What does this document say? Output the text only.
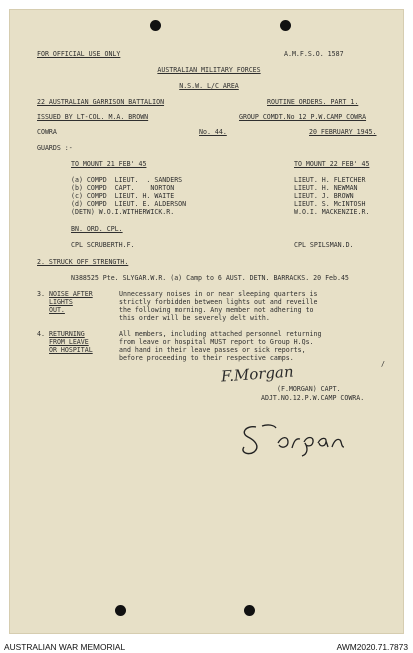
FOR OFFICIAL USE ONLY	A.M.F.S.O. 1587
AUSTRALIAN MILITARY FORCES
N.S.W. L/C AREA
22 AUSTRALIAN GARRISON BATTALION	ROUTINE ORDERS. PART 1.
ISSUED BY LT-COL. M.A. BROWN	GROUP COMDT.No 12 P.W.CAMP COWRA
COWRA	No. 44.	20 FEBRUARY 1945.
GUARDS :-
TO MOUNT 21 FEB' 45	TO MOUNT 22 FEB' 45
(a) COMPD  LIEUT.  . SANDERS	LIEUT. H. FLETCHER
(b) COMPD  CAPT.    NORTON	LIEUT. H. NEWMAN
(c) COMPD  LIEUT. H. WAITE	LIEUT. J. BROWN
(d) COMPD  LIEUT. E. ALDERSON	LIEUT. S. McINTOSH
(DETN) W.O.I.WITHERWICK.R.	W.O.I. MACKENZIE.R.
BN. ORD. CPL.
CPL SCRUBERTH.F.	CPL SPILSMAN.D.
2. STRUCK OFF STRENGTH.
N388525 Pte. SLYGAR.W.R. (a) Camp to 6 AUST. DETN. BARRACKS. 20 Feb.45
3. NOISE AFTER
LIGHTS
OUT.
Unnecessary noises in or near sleeping quarters is
strictly forbidden between lights out and reveille
the following morning. Any member not adhering to
this order will be severely delt with.
4. RETURNING
FROM LEAVE
OR HOSPITAL
All members, including attached personnel returning
from leave or hospital MUST report to Group H.Qs.
and hand in their leave passes or sick reports,
before proceeding to their respective camps.
/
F.Morgan
(F.MORGAN) CAPT.
ADJT.NO.12.P.W.CAMP COWRA.
AUSTRALIAN WAR MEMORIAL	AWM2020.71.7873
